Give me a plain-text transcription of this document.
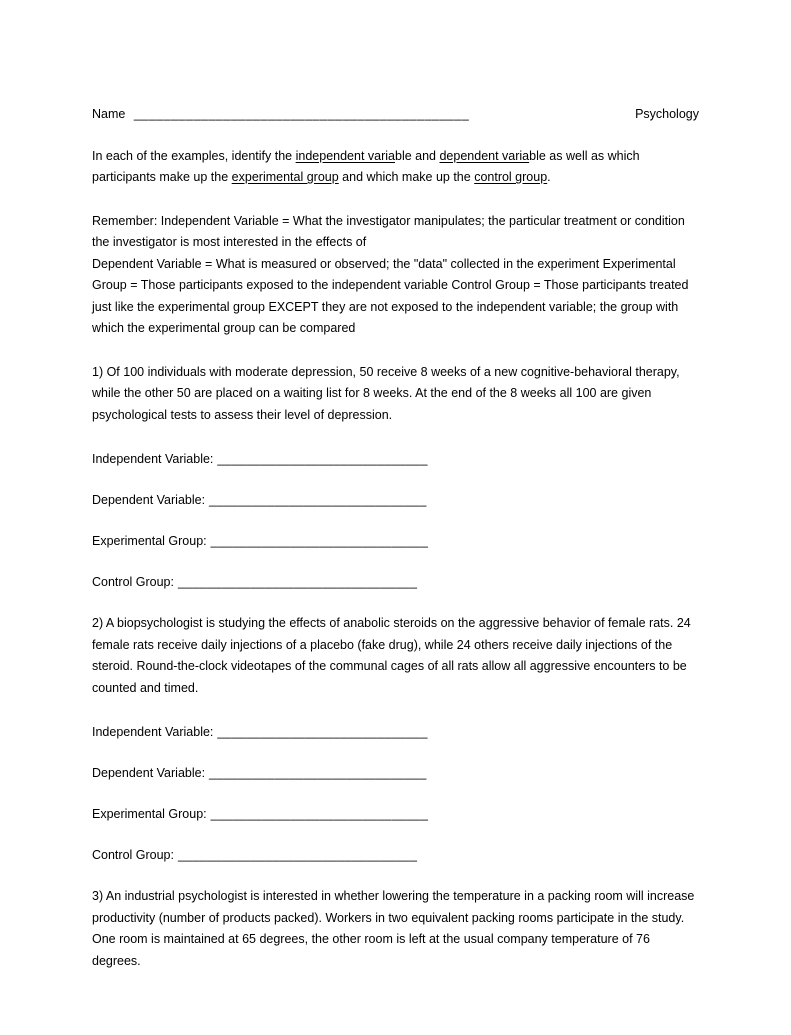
Name _____________________________________________	Psychology

In each of the examples, identify the independent variable and dependent variable as well as which participants make up the experimental group and which make up the control group.

Remember: Independent Variable = What the investigator manipulates; the particular treatment or condition the investigator is most interested in the effects of
Dependent Variable = What is measured or observed; the "data" collected in the experiment Experimental Group = Those participants exposed to the independent variable Control Group = Those participants treated just like the experimental group EXCEPT they are not exposed to the independent variable; the group with which the experimental group can be compared

1) Of 100 individuals with moderate depression, 50 receive 8 weeks of a new cognitive-behavioral therapy, while the other 50 are placed on a waiting list for 8 weeks. At the end of the 8 weeks all 100 are given psychological tests to assess their level of depression.

Independent Variable: _____________________________
Dependent Variable: ______________________________
Experimental Group: ______________________________
Control Group: _________________________________

2) A biopsychologist is studying the effects of anabolic steroids on the aggressive behavior of female rats. 24 female rats receive daily injections of a placebo (fake drug), while 24 others receive daily injections of the steroid. Round-the-clock videotapes of the communal cages of all rats allow all aggressive encounters to be counted and timed.

Independent Variable: _____________________________
Dependent Variable: ______________________________
Experimental Group: ______________________________
Control Group: _________________________________

3) An industrial psychologist is interested in whether lowering the temperature in a packing room will increase productivity (number of products packed). Workers in two equivalent packing rooms participate in the study. One room is maintained at 65 degrees, the other room is left at the usual company temperature of 76 degrees.
